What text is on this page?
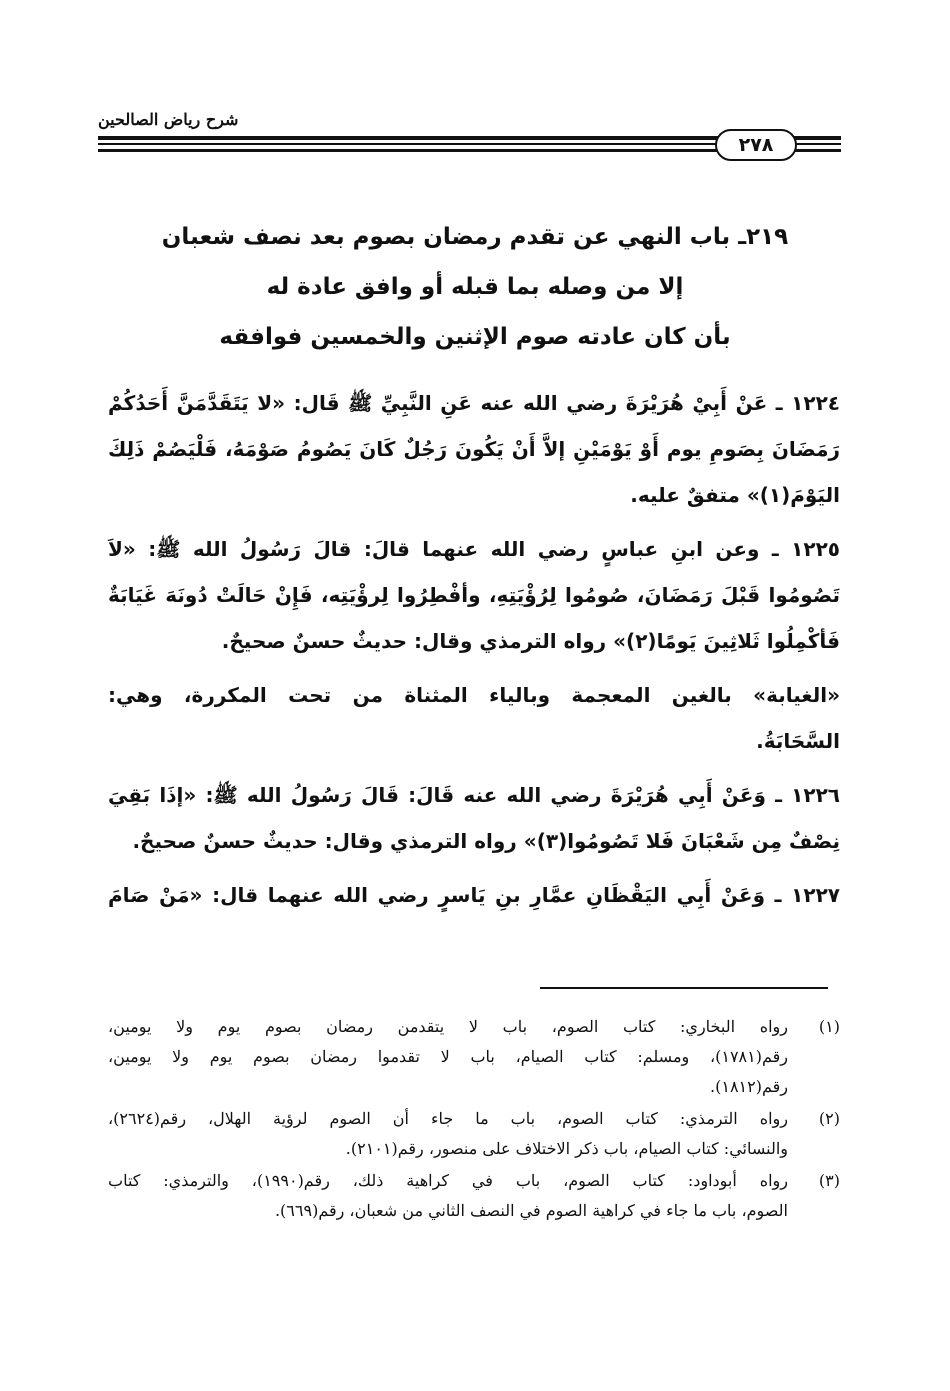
شرح رياض الصالحين
٢٧٨
٢١٩ـ باب النهي عن تقدم رمضان بصوم بعد نصف شعبان
إلا من وصله بما قبله أو وافق عادة له
بأن كان عادته صوم الإثنين والخمسين فوافقه
١٢٢٤ ـ عَنْ أَبِيْ هُرَيْرَةَ رضي الله عنه عَنِ النَّبِيِّ ﷺ قَال: «لا يَتَقَدَّمَنَّ أَحَدُكُمْ
رَمَضَانَ بِصَومِ يوم أَوْ يَوْمَيْنِ إلاَّ أَنْ يَكُونَ رَجُلٌ كَانَ يَصُومُ صَوْمَهُ، فَلْيَصُمْ ذَلِكَ
اليَوْمَ(١)» متفقٌ عليه.
١٢٢٥ ـ وعن ابنِ عباسٍ رضي الله عنهما قالَ: قالَ رَسُولُ الله ﷺ: «لاَ
تَصُومُوا قَبْلَ رَمَضَانَ، صُومُوا لِرُؤْيَتِهِ، وأفْطِرُوا لِرؤْيَتِه، فَإِنْ حَالَتْ دُونَهَ غَيَابَةٌ
فَأكْمِلُوا ثَلاثِينَ يَومًا(٢)» رواه الترمذي وقال: حديثٌ حسنٌ صحيحٌ.
«الغيابة» بالغين المعجمة وبالياء المثناة من تحت المكررة، وهي:
السَّحَابَةُ.
١٢٢٦ ـ وَعَنْ أَبِي هُرَيْرَةَ رضي الله عنه قَالَ: قَالَ رَسُولُ الله ﷺ: «إذَا بَقِيَ
نِصْفٌ مِن شَعْبَانَ فَلا تَصُومُوا(٣)» رواه الترمذي وقال: حديثٌ حسنٌ صحيحٌ.
١٢٢٧ ـ وَعَنْ أَبِي اليَقْظَانِ عمَّارِ بنِ يَاسرٍ رضي الله عنهما قال: «مَنْ صَامَ
(١)
رواه البخاري: كتاب الصوم، باب لا يتقدمن رمضان بصوم يوم ولا يومين،
رقم(١٧٨١)، ومسلم: كتاب الصيام، باب لا تقدموا رمضان بصوم يوم ولا يومين،
رقم(١٨١٢).
(٢)
رواه الترمذي: كتاب الصوم، باب ما جاء أن الصوم لرؤية الهلال، رقم(٢٦٢٤)،
والنسائي: كتاب الصيام، باب ذكر الاختلاف على منصور، رقم(٢١٠١).
(٣)
رواه أبوداود: كتاب الصوم، باب في كراهية ذلك، رقم(١٩٩٠)، والترمذي: كتاب
الصوم، باب ما جاء في كراهية الصوم في النصف الثاني من شعبان، رقم(٦٦٩).
